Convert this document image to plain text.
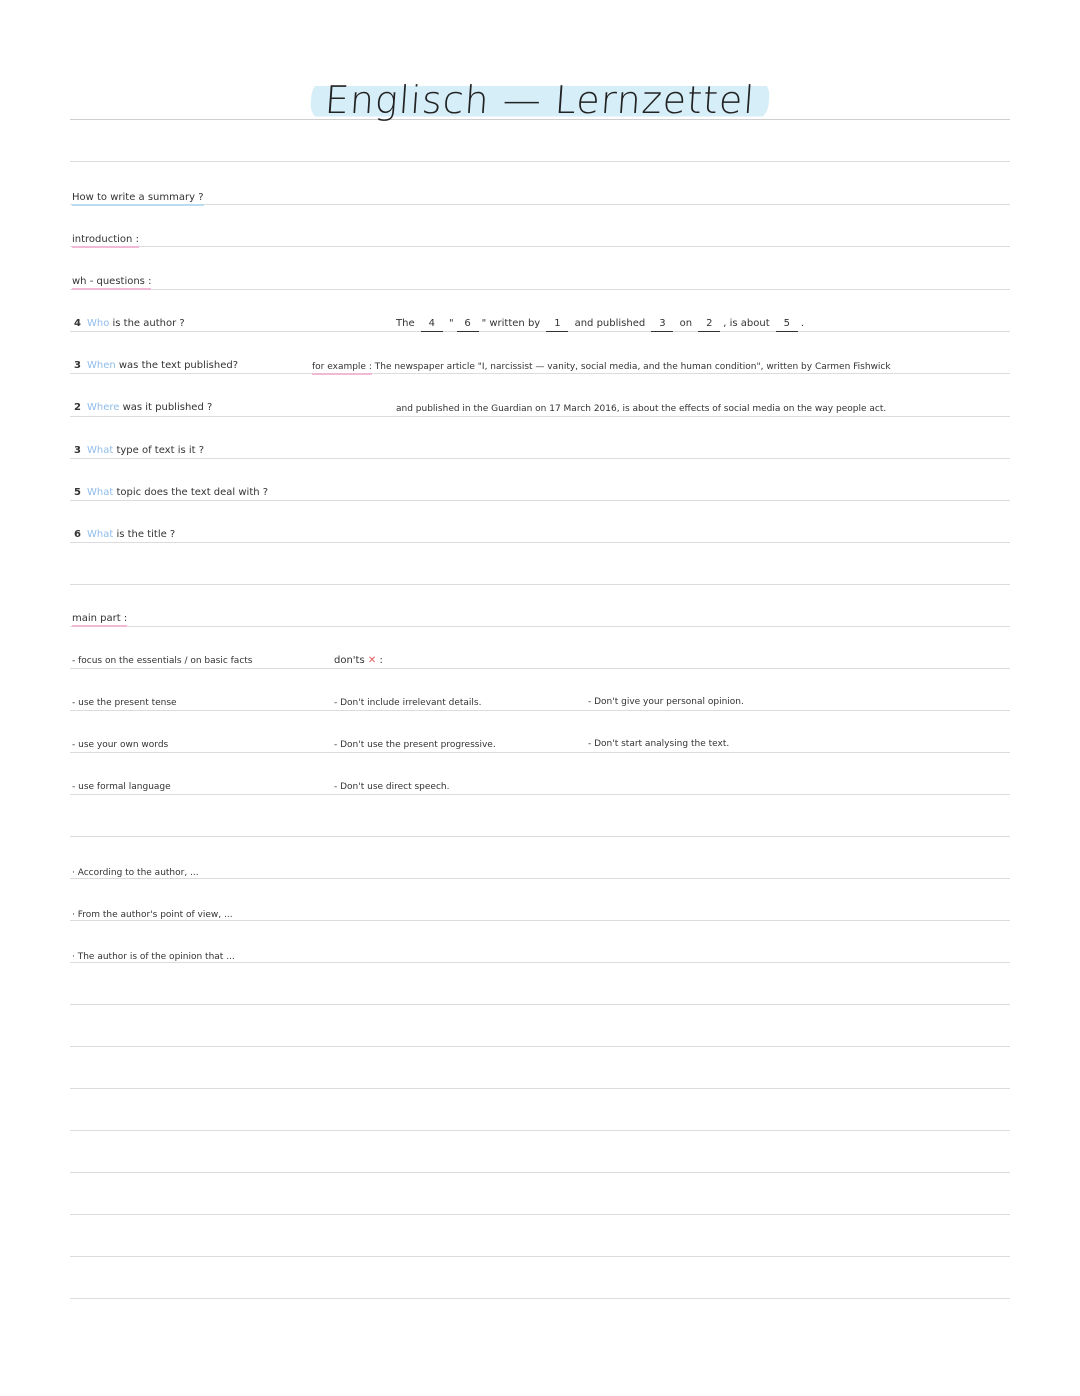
Englisch — Lernzettel
How to write a summary ?
introduction :
wh - questions :
4 Who is the author ?
3 When was the text published?
2 Where was it published ?
3 What type of text is it ?
5 What topic does the text deal with ?
6 What is the title ?
The 4 " 6 " written by 1 and published 3 on 2 , is about 5 .
for example : The newspaper article "I, narcissist — vanity, social media, and the human condition", written by Carmen Fishwick
and published in the Guardian on 17 March 2016, is about the effects of social media on the way people act.
main part :
- focus on the essentials / on basic facts
- use the present tense
- use your own words
- use formal language
don'ts ✕ :
- Don't include irrelevant details.
- Don't use the present progressive.
- Don't use direct speech.
- Don't give your personal opinion.
- Don't start analysing the text.
· According to the author, ...
· From the author's point of view, ...
· The author is of the opinion that ...
